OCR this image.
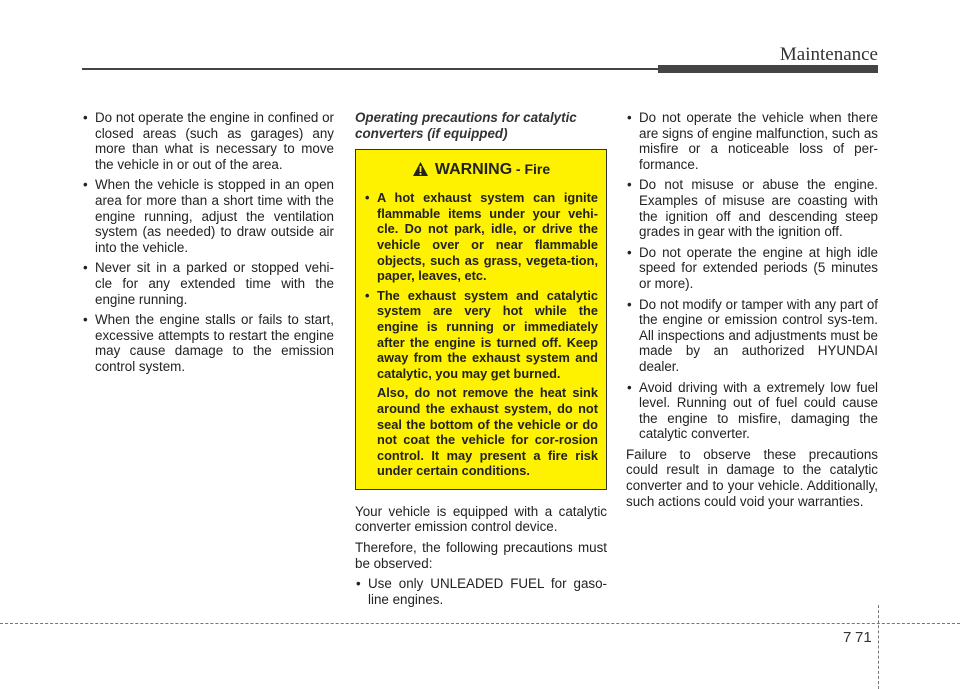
Maintenance
• Do not operate the engine in confined or closed areas (such as garages) any more than what is necessary to move the vehicle in or out of the area.
• When the vehicle is stopped in an open area for more than a short time with the engine running, adjust the ventilation system (as needed) to draw outside air into the vehicle.
• Never sit in a parked or stopped vehi-cle for any extended time with the engine running.
• When the engine stalls or fails to start, excessive attempts to restart the engine may cause damage to the emission control system.
Operating precautions for catalytic converters (if equipped)
WARNING - Fire
• A hot exhaust system can ignite flammable items under your vehi-cle. Do not park, idle, or drive the vehicle over or near flammable objects, such as grass, vegeta-tion, paper, leaves, etc.
• The exhaust system and catalytic system are very hot while the engine is running or immediately after the engine is turned off. Keep away from the exhaust system and catalytic, you may get burned.
Also, do not remove the heat sink around the exhaust system, do not seal the bottom of the vehicle or do not coat the vehicle for cor-rosion control. It may present a fire risk under certain conditions.

Your vehicle is equipped with a catalytic converter emission control device.

Therefore, the following precautions must be observed:

• Use only UNLEADED FUEL for gaso-line engines.
• Do not operate the vehicle when there are signs of engine malfunction, such as misfire or a noticeable loss of per-formance.
• Do not misuse or abuse the engine. Examples of misuse are coasting with the ignition off and descending steep grades in gear with the ignition off.
• Do not operate the engine at high idle speed for extended periods (5 minutes or more).
• Do not modify or tamper with any part of the engine or emission control sys-tem. All inspections and adjustments must be made by an authorized HYUNDAI dealer.
• Avoid driving with a extremely low fuel level. Running out of fuel could cause the engine to misfire, damaging the catalytic converter.

Failure to observe these precautions could result in damage to the catalytic converter and to your vehicle. Additionally, such actions could void your warranties.

7 71
